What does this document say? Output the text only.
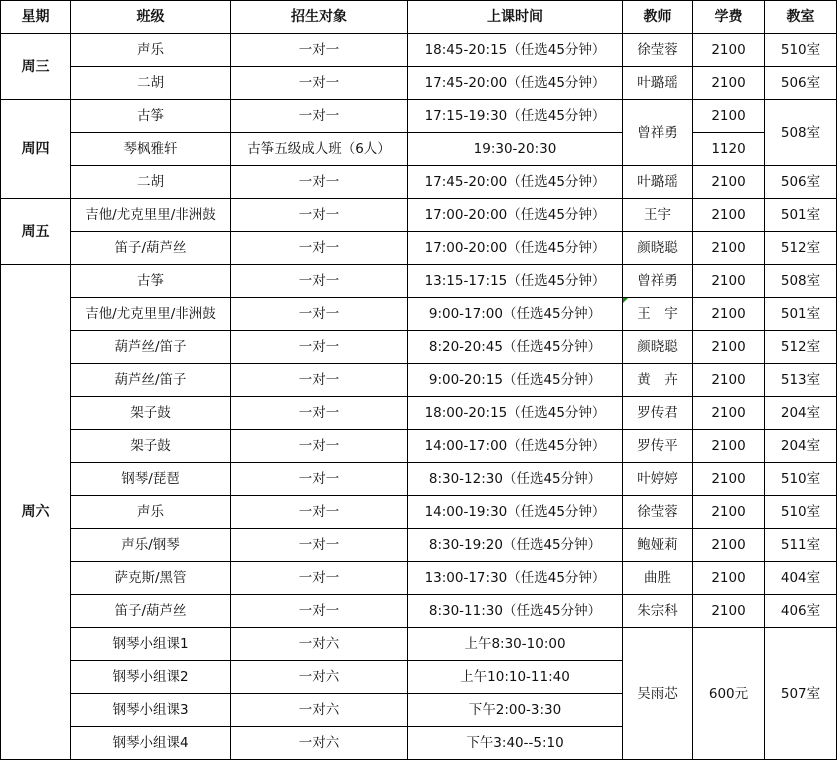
星期	班级	招生对象	上课时间	教师	学费	教室
周三	声乐	一对一	18:45-20:15（任选45分钟）	徐莹蓉	2100	510室
	二胡	一对一	17:45-20:00（任选45分钟）	叶璐瑶	2100	506室
周四	古筝	一对一	17:15-19:30（任选45分钟）	曾祥勇	2100	508室
	琴枫雅轩	古筝五级成人班（6人）	19:30-20:30		1120	
	二胡	一对一	17:45-20:00（任选45分钟）	叶璐瑶	2100	506室
周五	吉他/尤克里里/非洲鼓	一对一	17:00-20:00（任选45分钟）	王宇	2100	501室
	笛子/葫芦丝	一对一	17:00-20:00（任选45分钟）	颜晓聪	2100	512室
周六	古筝	一对一	13:15-17:15（任选45分钟）	曾祥勇	2100	508室
	吉他/尤克里里/非洲鼓	一对一	9:00-17:00（任选45分钟）	王　宇	2100	501室
	葫芦丝/笛子	一对一	8:20-20:45（任选45分钟）	颜晓聪	2100	512室
	葫芦丝/笛子	一对一	9:00-20:15（任选45分钟）	黄　卉	2100	513室
	架子鼓	一对一	18:00-20:15（任选45分钟）	罗传君	2100	204室
	架子鼓	一对一	14:00-17:00（任选45分钟）	罗传平	2100	204室
	钢琴/琵琶	一对一	8:30-12:30（任选45分钟）	叶婷婷	2100	510室
	声乐	一对一	14:00-19:30（任选45分钟）	徐莹蓉	2100	510室
	声乐/钢琴	一对一	8:30-19:20（任选45分钟）	鲍娅莉	2100	511室
	萨克斯/黑管	一对一	13:00-17:30（任选45分钟）	曲胜	2100	404室
	笛子/葫芦丝	一对一	8:30-11:30（任选45分钟）	朱宗科	2100	406室
	钢琴小组课1	一对六	上午8:30-10:00	吴雨芯	600元	507室
	钢琴小组课2	一对六	上午10:10-11:40			
	钢琴小组课3	一对六	下午2:00-3:30			
	钢琴小组课4	一对六	下午3:40--5:10			
